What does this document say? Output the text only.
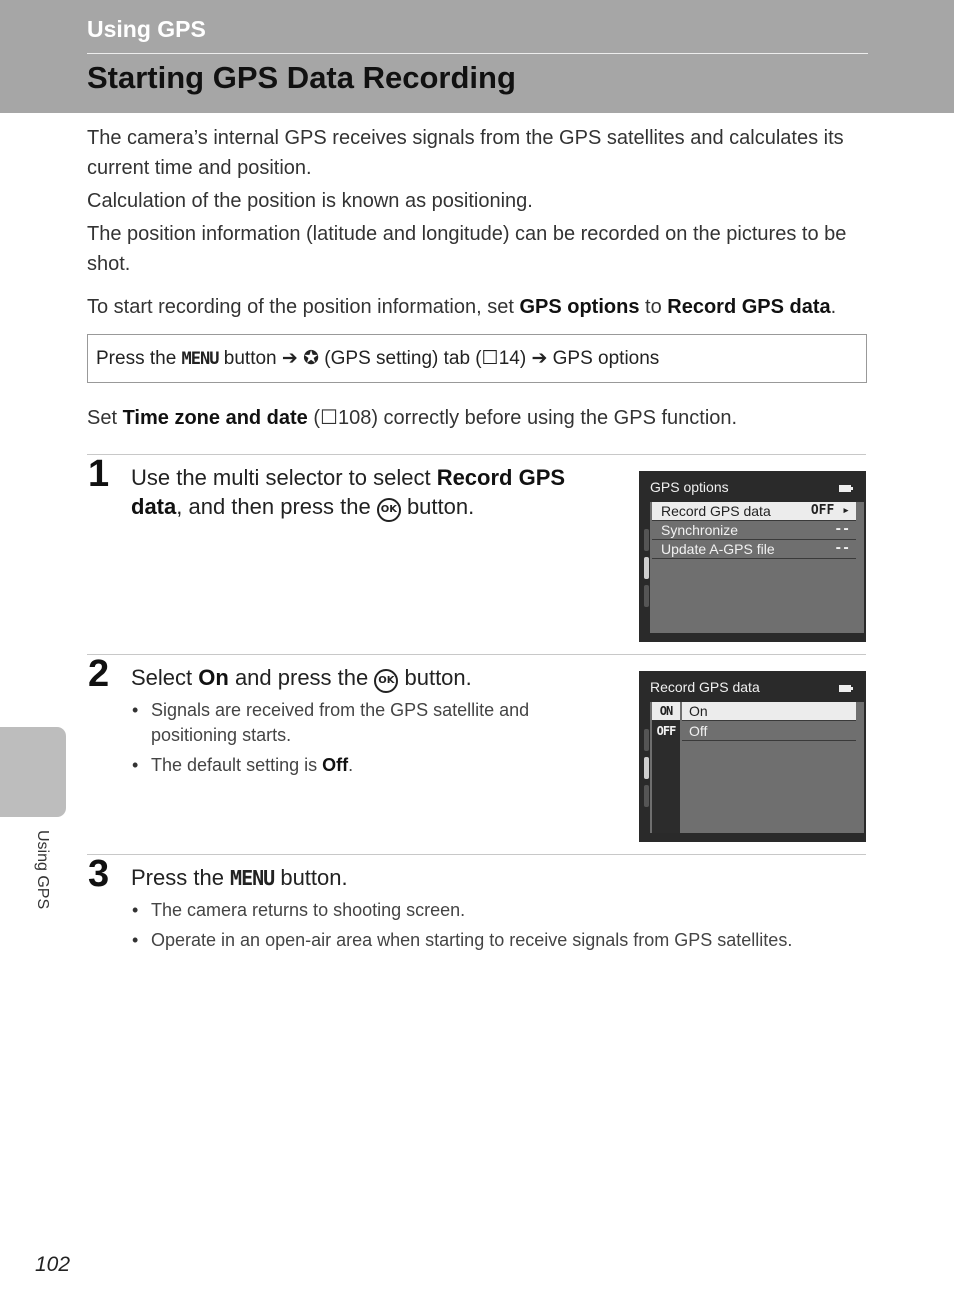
Using GPS
Starting GPS Data Recording

The camera’s internal GPS receives signals from the GPS satellites and calculates its current time and position.

Calculation of the position is known as positioning.

The position information (latitude and longitude) can be recorded on the pictures to be shot.

To start recording of the position information, set GPS options to Record GPS data.

Press the MENU button ➔ ✪ (GPS setting) tab (☐14) ➔ GPS options

Set Time zone and date (☐108) correctly before using the GPS function.

1 Use the multi selector to select Record GPS data, and then press the OK button.

GPS options
Record GPS data	OFF ▸
Synchronize	--
Update A-GPS file	--
2 Select On and press the OK button.

• Signals are received from the GPS satellite and positioning starts.
• The default setting is Off.
Record GPS data
ON	On
OFF Off
3 Press the MENU button.

• The camera returns to shooting screen.
• Operate in an open-air area when starting to receive signals from GPS satellites.
Using GPS
102
